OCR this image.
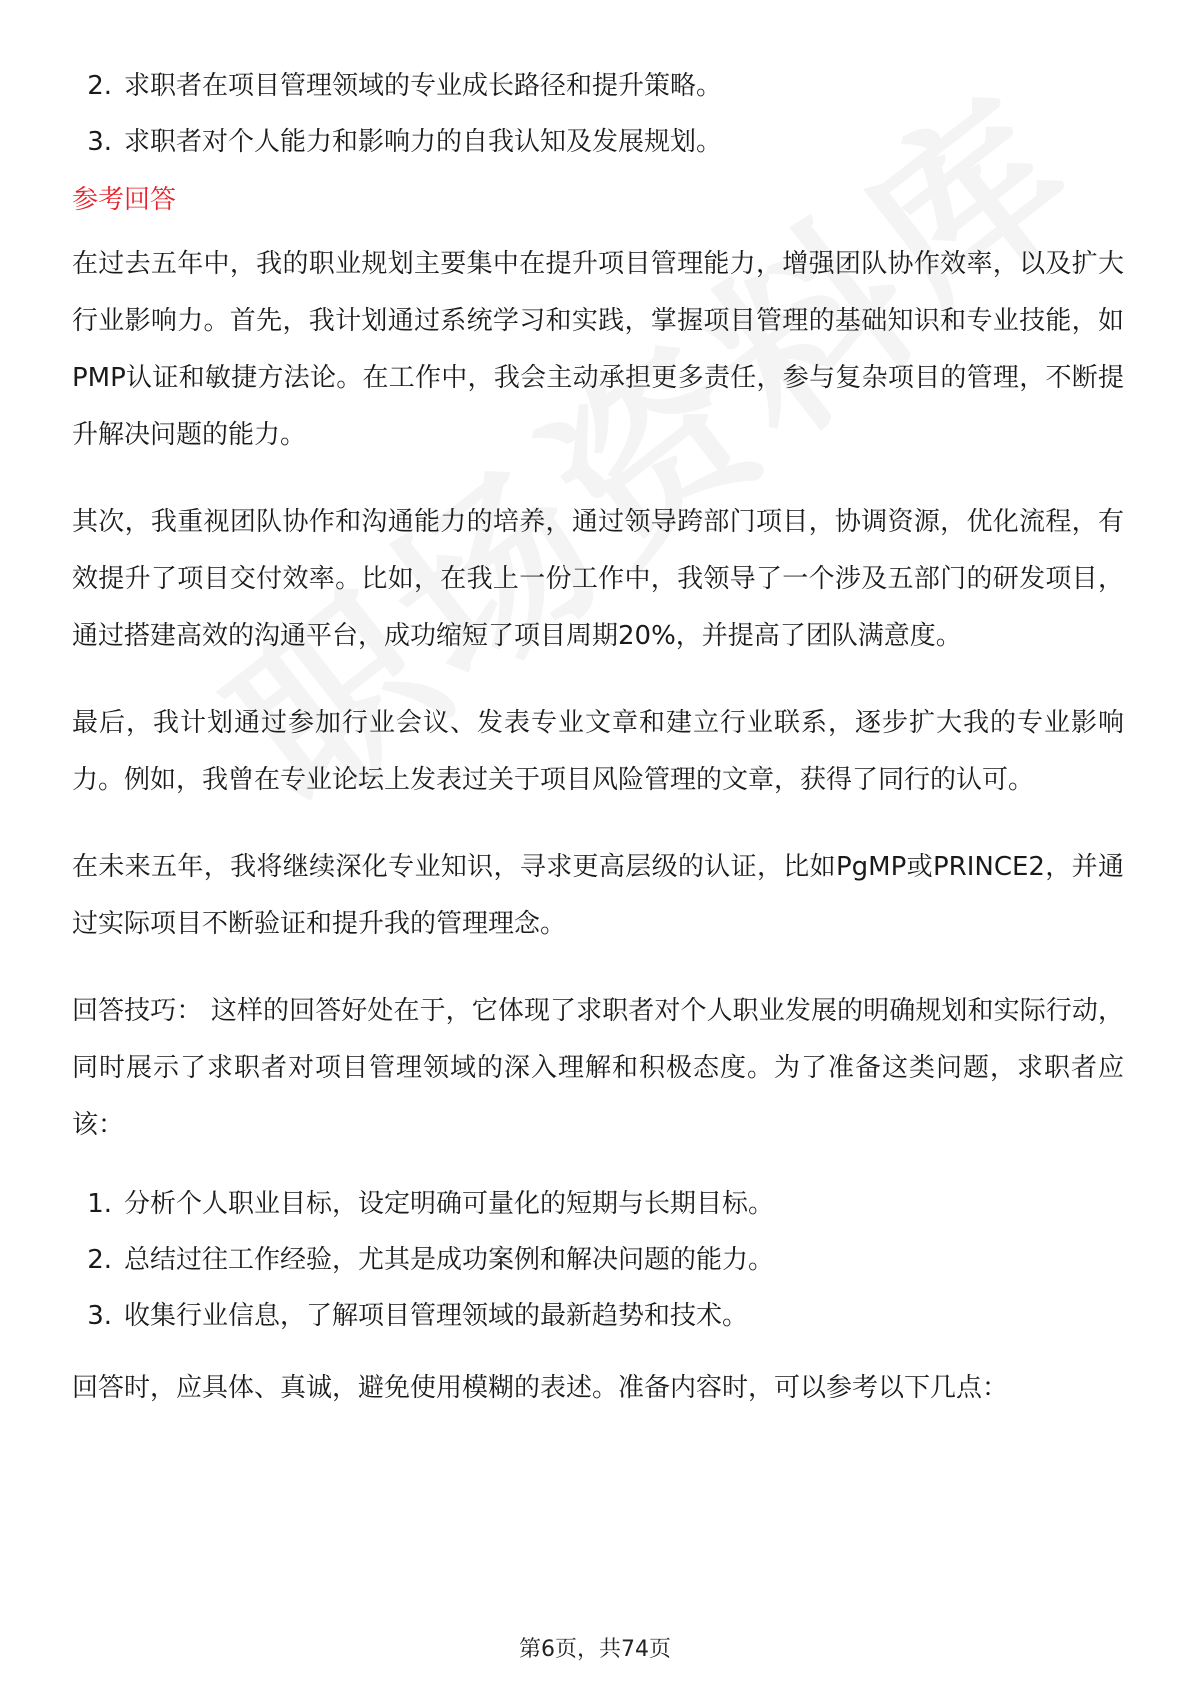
2. 求职者在项目管理领域的专业成长路径和提升策略。
3. 求职者对个人能力和影响力的自我认知及发展规划。
参考回答

在过去五年中，我的职业规划主要集中在提升项目管理能力，增强团队协作效率，以及扩大行业影响力。首先，我计划通过系统学习和实践，掌握项目管理的基础知识和专业技能，如PMP认证和敏捷方法论。在工作中，我会主动承担更多责任，参与复杂项目的管理，不断提升解决问题的能力。

其次，我重视团队协作和沟通能力的培养，通过领导跨部门项目，协调资源，优化流程，有效提升了项目交付效率。比如，在我上一份工作中，我领导了一个涉及五部门的研发项目，通过搭建高效的沟通平台，成功缩短了项目周期20%，并提高了团队满意度。

最后，我计划通过参加行业会议、发表专业文章和建立行业联系，逐步扩大我的专业影响力。例如，我曾在专业论坛上发表过关于项目风险管理的文章，获得了同行的认可。

在未来五年，我将继续深化专业知识，寻求更高层级的认证，比如PgMP或PRINCE2，并通过实际项目不断验证和提升我的管理理念。

回答技巧： 这样的回答好处在于，它体现了求职者对个人职业发展的明确规划和实际行动，同时展示了求职者对项目管理领域的深入理解和积极态度。为了准备这类问题，求职者应该：

1. 分析个人职业目标，设定明确可量化的短期与长期目标。
2. 总结过往工作经验，尤其是成功案例和解决问题的能力。
3. 收集行业信息，了解项目管理领域的最新趋势和技术。

回答时，应具体、真诚，避免使用模糊的表述。准备内容时，可以参考以下几点：

第6页，共74页
